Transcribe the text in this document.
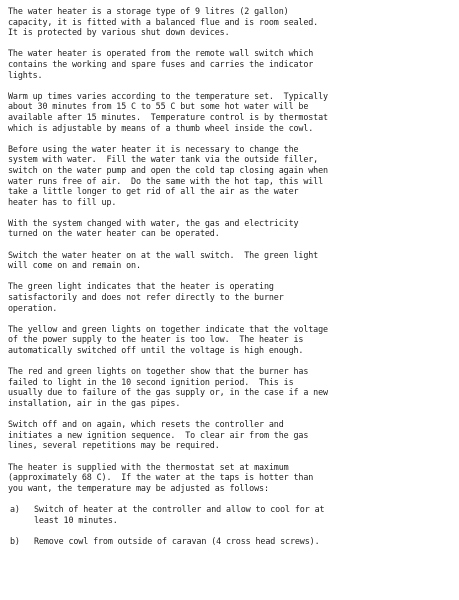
The water heater is a storage type of 9 litres (2 gallon)
capacity, it is fitted with a balanced flue and is room sealed.
It is protected by various shut down devices.

The water heater is operated from the remote wall switch which
contains the working and spare fuses and carries the indicator
lights.

Warm up times varies according to the temperature set.  Typically
about 30 minutes from 15 C to 55 C but some hot water will be
available after 15 minutes.  Temperature control is by thermostat
which is adjustable by means of a thumb wheel inside the cowl.

Before using the water heater it is necessary to change the
system with water.  Fill the water tank via the outside filler,
switch on the water pump and open the cold tap closing again when
water runs free of air.  Do the same with the hot tap, this will
take a little longer to get rid of all the air as the water
heater has to fill up.

With the system changed with water, the gas and electricity
turned on the water heater can be operated.

Switch the water heater on at the wall switch.  The green light
will come on and remain on.

The green light indicates that the heater is operating
satisfactorily and does not refer directly to the burner
operation.

The yellow and green lights on together indicate that the voltage
of the power supply to the heater is too low.  The heater is
automatically switched off until the voltage is high enough.

The red and green lights on together show that the burner has
failed to light in the 10 second ignition period.  This is
usually due to failure of the gas supply or, in the case if a new
installation, air in the gas pipes.

Switch off and on again, which resets the controller and
initiates a new ignition sequence.  To clear air from the gas
lines, several repetitions may be required.

The heater is supplied with the thermostat set at maximum
(approximately 68 C).  If the water at the taps is hotter than
you want, the temperature may be adjusted as follows:

a)	Switch of heater at the controller and allow to cool for at
least 10 minutes.
b)	Remove cowl from outside of caravan (4 cross head screws).
